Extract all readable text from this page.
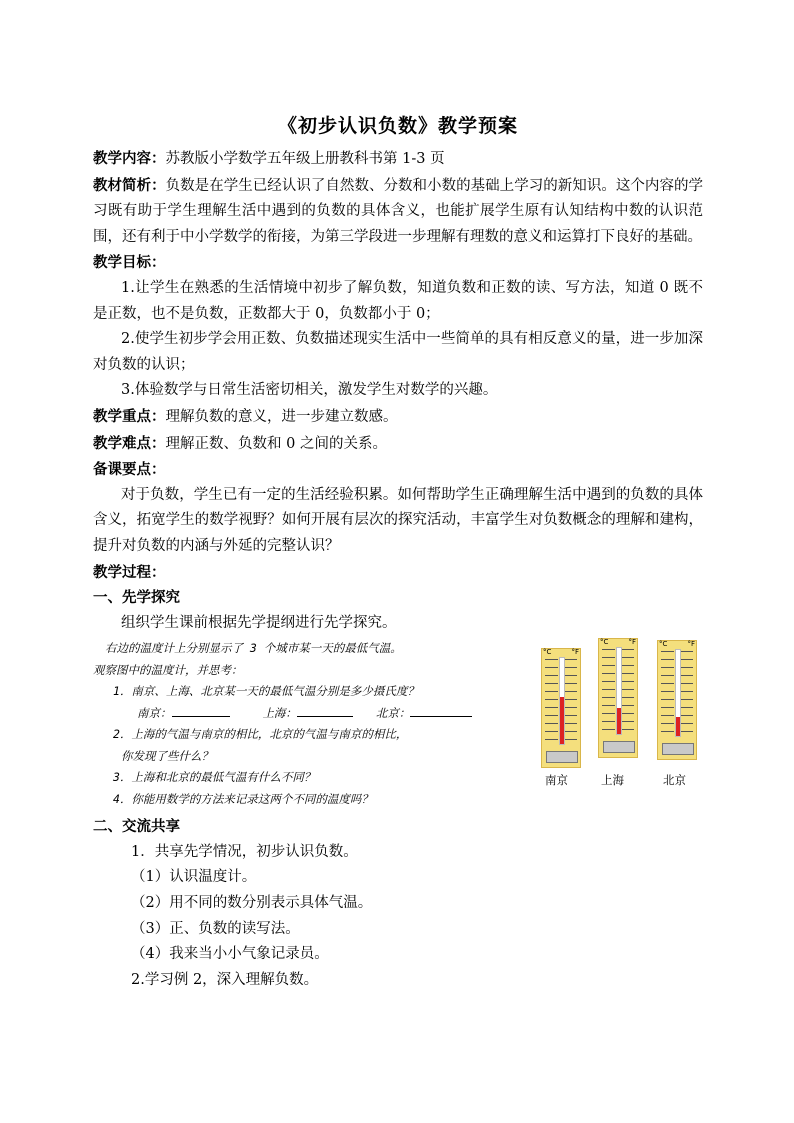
《初步认识负数》教学预案

教学内容：苏教版小学数学五年级上册教科书第 1-3 页

教材简析：负数是在学生已经认识了自然数、分数和小数的基础上学习的新知识。这个内容的学习既有助于学生理解生活中遇到的负数的具体含义，也能扩展学生原有认知结构中数的认识范围，还有利于中小学数学的衔接，为第三学段进一步理解有理数的意义和运算打下良好的基础。

教学目标：

1.让学生在熟悉的生活情境中初步了解负数，知道负数和正数的读、写方法，知道 0 既不是正数，也不是负数，正数都大于 0，负数都小于 0；

2.使学生初步学会用正数、负数描述现实生活中一些简单的具有相反意义的量，进一步加深对负数的认识；

3.体验数学与日常生活密切相关，激发学生对数学的兴趣。

教学重点：理解负数的意义，进一步建立数感。

教学难点：理解正数、负数和 0 之间的关系。

备课要点：

对于负数，学生已有一定的生活经验积累。如何帮助学生正确理解生活中遇到的负数的具体含义，拓宽学生的数学视野？如何开展有层次的探究活动，丰富学生对负数概念的理解和建构，提升对负数的内涵与外延的完整认识？

教学过程：

一、先学探究

组织学生课前根据先学提纲进行先学探究。

右边的温度计上分别显示了 3 个城市某一天的最低气温。
观察图中的温度计，并思考：
1．南京、上海、北京某一天的最低气温分别是多少摄氏度？
南京：	上海：	北京：
2．上海的气温与南京的相比，北京的气温与南京的相比，
你发现了些什么？
3．上海和北京的最低气温有什么不同？
4．你能用数学的方法来记录这两个不同的温度吗？
°C	°F
°C	°F	°C	°F
南京	上海	北京

二、交流共享

1．共享先学情况，初步认识负数。

（1）认识温度计。

（2）用不同的数分别表示具体气温。

（3）正、负数的读写法。

（4）我来当小小气象记录员。

2.学习例 2，深入理解负数。
